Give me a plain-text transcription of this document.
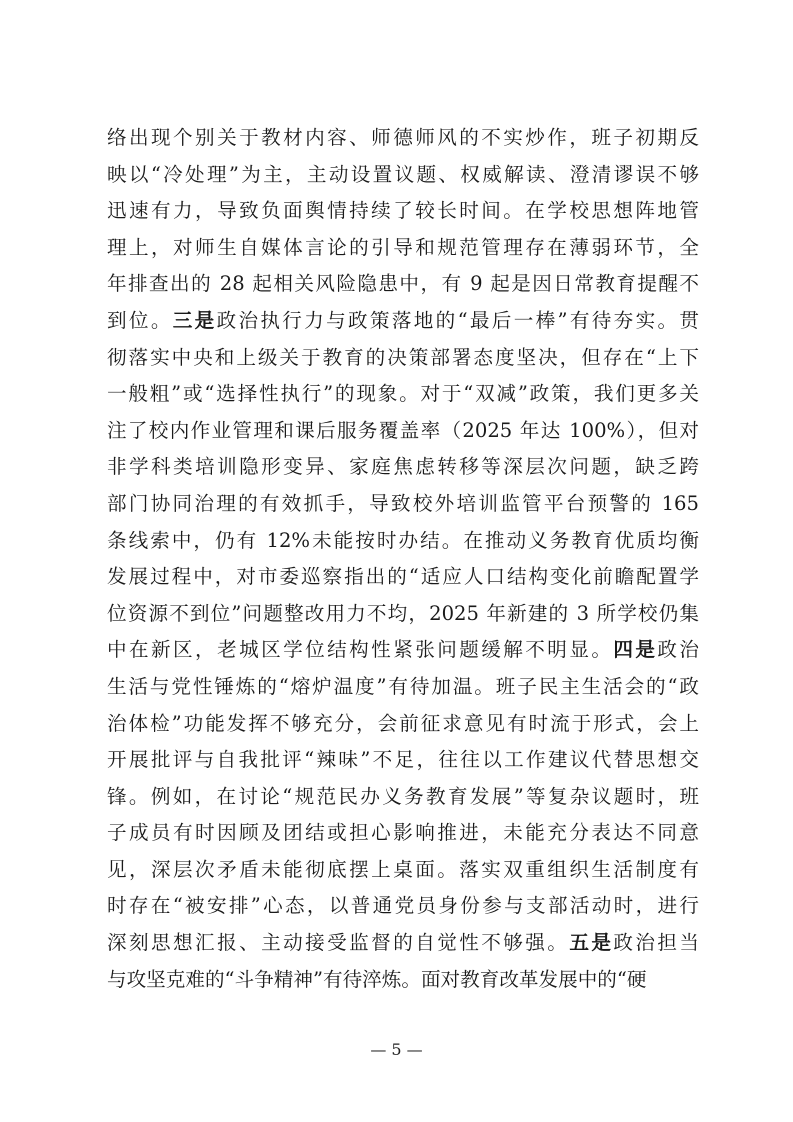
络出现个别关于教材内容、师德师风的不实炒作，班子初期反
映以“冷处理”为主，主动设置议题、权威解读、澄清谬误不够
迅速有力，导致负面舆情持续了较长时间。在学校思想阵地管
理上，对师生自媒体言论的引导和规范管理存在薄弱环节，全
年排查出的 28 起相关风险隐患中，有 9 起是因日常教育提醒不
到位。三是政治执行力与政策落地的“最后一棒”有待夯实。贯
彻落实中央和上级关于教育的决策部署态度坚决，但存在“上下
一般粗”或“选择性执行”的现象。对于“双减”政策，我们更多关
注了校内作业管理和课后服务覆盖率（2025 年达 100%），但对
非学科类培训隐形变异、家庭焦虑转移等深层次问题，缺乏跨
部门协同治理的有效抓手，导致校外培训监管平台预警的 165
条线索中，仍有 12%未能按时办结。在推动义务教育优质均衡
发展过程中，对市委巡察指出的“适应人口结构变化前瞻配置学
位资源不到位”问题整改用力不均，2025 年新建的 3 所学校仍集
中在新区，老城区学位结构性紧张问题缓解不明显。四是政治
生活与党性锤炼的“熔炉温度”有待加温。班子民主生活会的“政
治体检”功能发挥不够充分，会前征求意见有时流于形式，会上
开展批评与自我批评“辣味”不足，往往以工作建议代替思想交
锋。例如，在讨论“规范民办义务教育发展”等复杂议题时，班
子成员有时因顾及团结或担心影响推进，未能充分表达不同意
见，深层次矛盾未能彻底摆上桌面。落实双重组织生活制度有
时存在“被安排”心态，以普通党员身份参与支部活动时，进行
深刻思想汇报、主动接受监督的自觉性不够强。五是政治担当
与攻坚克难的“斗争精神”有待淬炼。面对教育改革发展中的“硬
— 5 —
